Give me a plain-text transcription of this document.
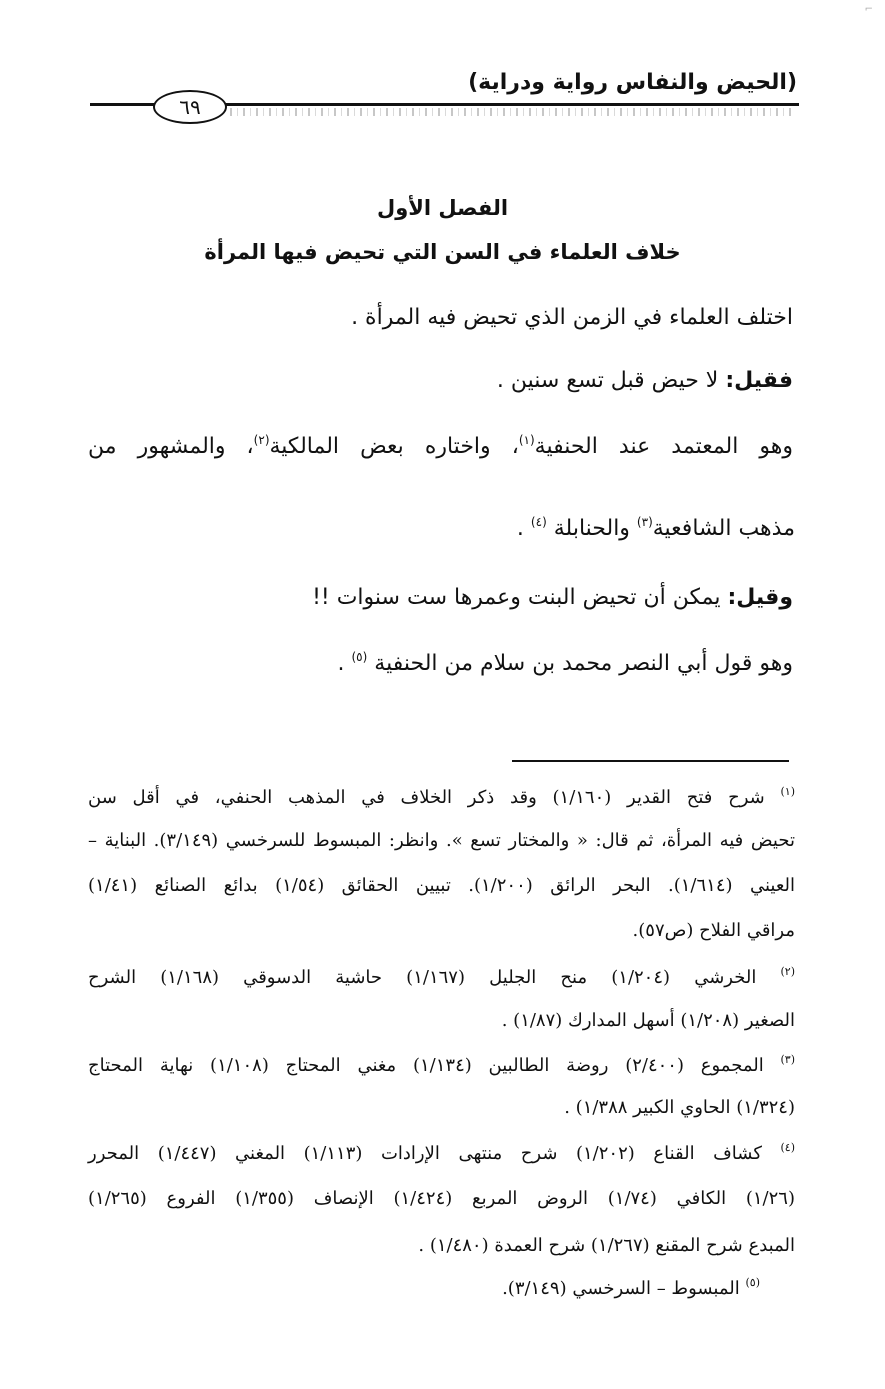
⌐
(الحيض والنفاس رواية ودراية)
٦٩
الفصل الأول
خلاف العلماء في السن التي تحيض فيها المرأة
اختلف العلماء في الزمن الذي تحيض فيه المرأة .
فقيل: لا حيض قبل تسع سنين .
وهو المعتمد عند الحنفية$^{(١)}$، واختاره بعض المالكية$^{(٢)}$، والمشهور من
مذهب الشافعية$^{(٣)}$ والحنابلة $^{(٤)}$ .
وقيل: يمكن أن تحيض البنت وعمرها ست سنوات !!
وهو قول أبي النصر محمد بن سلام من الحنفية $^{(٥)}$ .
$^{(١)}$ شرح فتح القدير (١/١٦٠) وقد ذكر الخلاف في المذهب الحنفي، في أقل سن
تحيض فيه المرأة، ثم قال: « والمختار تسع ». وانظر: المبسوط للسرخسي (٣/١٤٩). البناية –
العيني (١/٦١٤). البحر الرائق (١/٢٠٠). تبيين الحقائق (١/٥٤) بدائع الصنائع (١/٤١)
مراقي الفلاح (ص٥٧).
$^{(٢)}$ الخرشي (١/٢٠٤) منح الجليل (١/١٦٧) حاشية الدسوقي (١/١٦٨) الشرح
الصغير (١/٢٠٨) أسهل المدارك (١/٨٧) .
$^{(٣)}$ المجموع (٢/٤٠٠) روضة الطالبين (١/١٣٤) مغني المحتاج (١/١٠٨) نهاية المحتاج
(١/٣٢٤) الحاوي الكبير ١/٣٨٨) .
$^{(٤)}$ كشاف القناع (١/٢٠٢) شرح منتهى الإرادات (١/١١٣) المغني (١/٤٤٧) المحرر
(١/٢٦) الكافي (١/٧٤) الروض المربع (١/٤٢٤) الإنصاف (١/٣٥٥) الفروع (١/٢٦٥)
المبدع شرح المقنع (١/٢٦٧) شرح العمدة (١/٤٨٠) .
$^{(٥)}$ المبسوط – السرخسي (٣/١٤٩).
